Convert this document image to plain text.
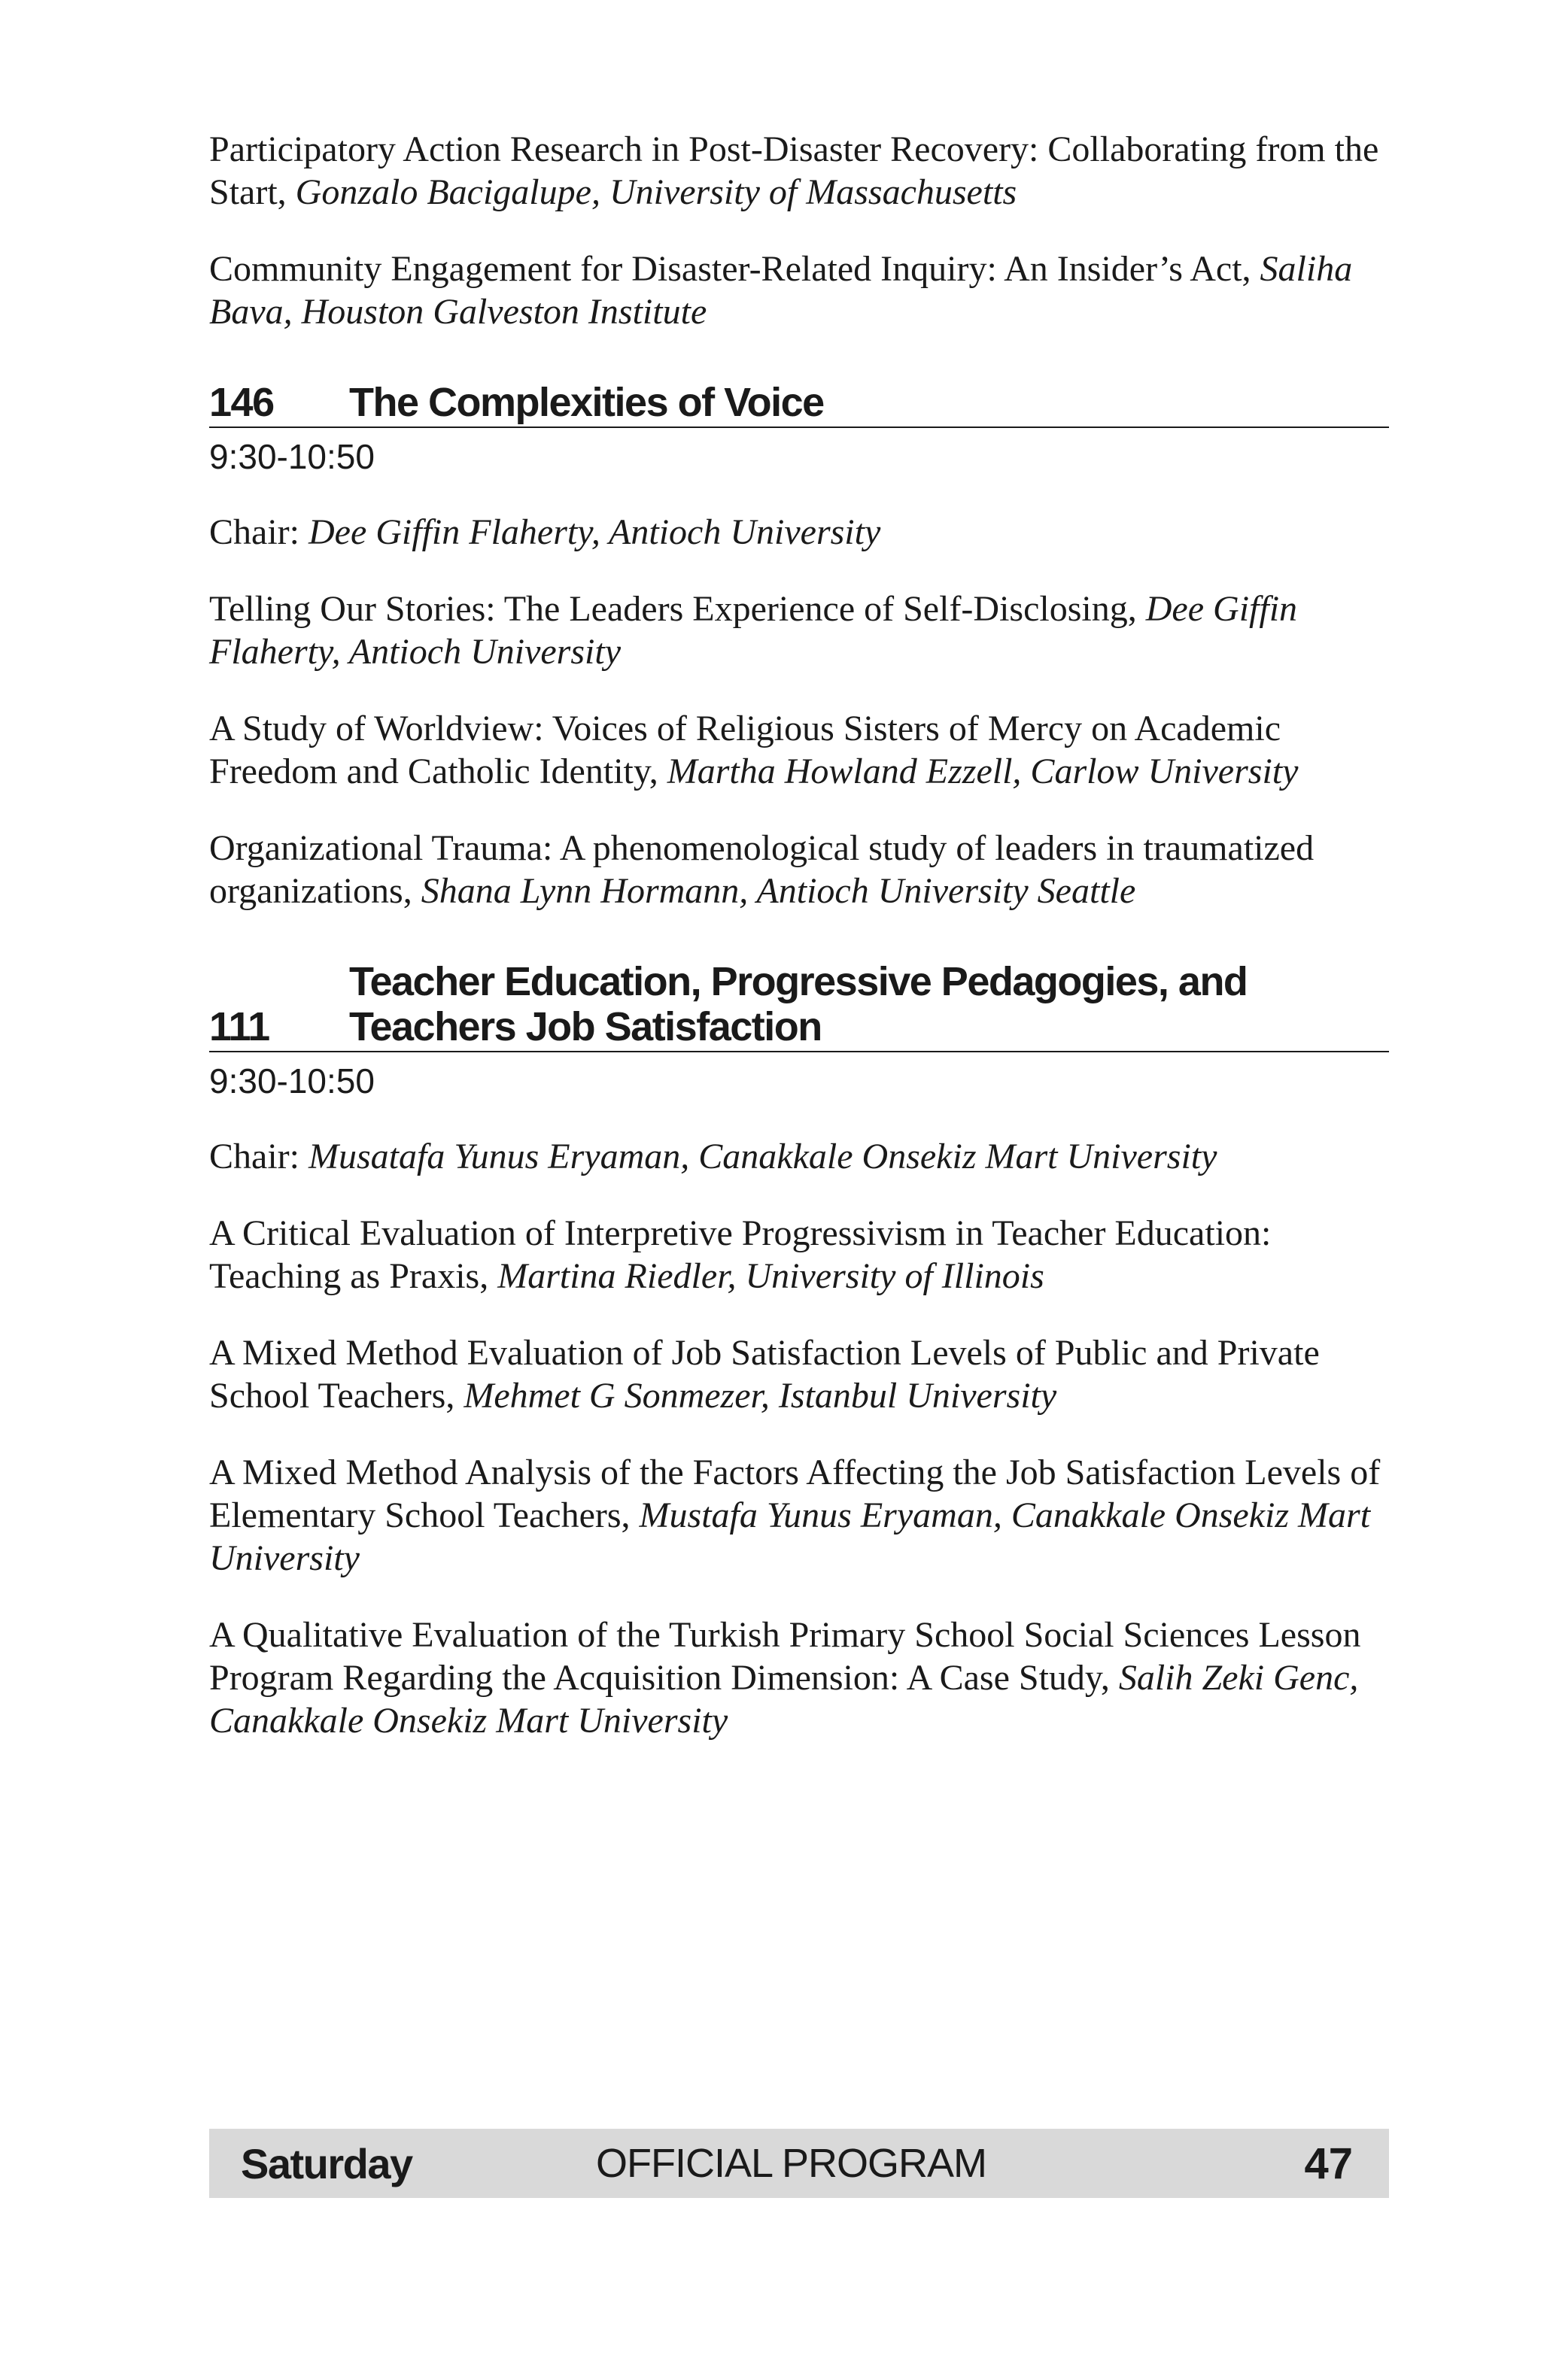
Participatory Action Research in Post-Disaster Recovery: Collaborating from the Start, Gonzalo Bacigalupe, University of Massachusetts
Community Engagement for Disaster-Related Inquiry: An Insider’s Act, Saliha Bava, Houston Galveston Institute
146	The Complexities of Voice
9:30-10:50
Chair: Dee Giffin Flaherty, Antioch University
Telling Our Stories: The Leaders Experience of Self-Disclosing, Dee Giffin Flaherty, Antioch University
A Study of Worldview: Voices of Religious Sisters of Mercy on Academic Freedom and Catholic Identity, Martha Howland Ezzell, Carlow University
Organizational Trauma: A phenomenological study of leaders in traumatized organizations, Shana Lynn Hormann, Antioch University Seattle
111
Teacher Education, Progressive Pedagogies, and Teachers Job Satisfaction
9:30-10:50
Chair: Musatafa Yunus Eryaman, Canakkale Onsekiz Mart University
A Critical Evaluation of Interpretive Progressivism in Teacher Education: Teaching as Praxis, Martina Riedler, University of Illinois
A Mixed Method Evaluation of Job Satisfaction Levels of Public and Private School Teachers, Mehmet G Sonmezer, Istanbul University
A Mixed Method Analysis of the Factors Affecting the Job Satisfaction Levels of Elementary School Teachers, Mustafa Yunus Eryaman, Canakkale Onsekiz Mart University
A Qualitative Evaluation of the Turkish Primary School Social Sciences Lesson Program Regarding the Acquisition Dimension: A Case Study, Salih Zeki Genc, Canakkale Onsekiz Mart University
Saturday	OFFICIAL PROGRAM	47
